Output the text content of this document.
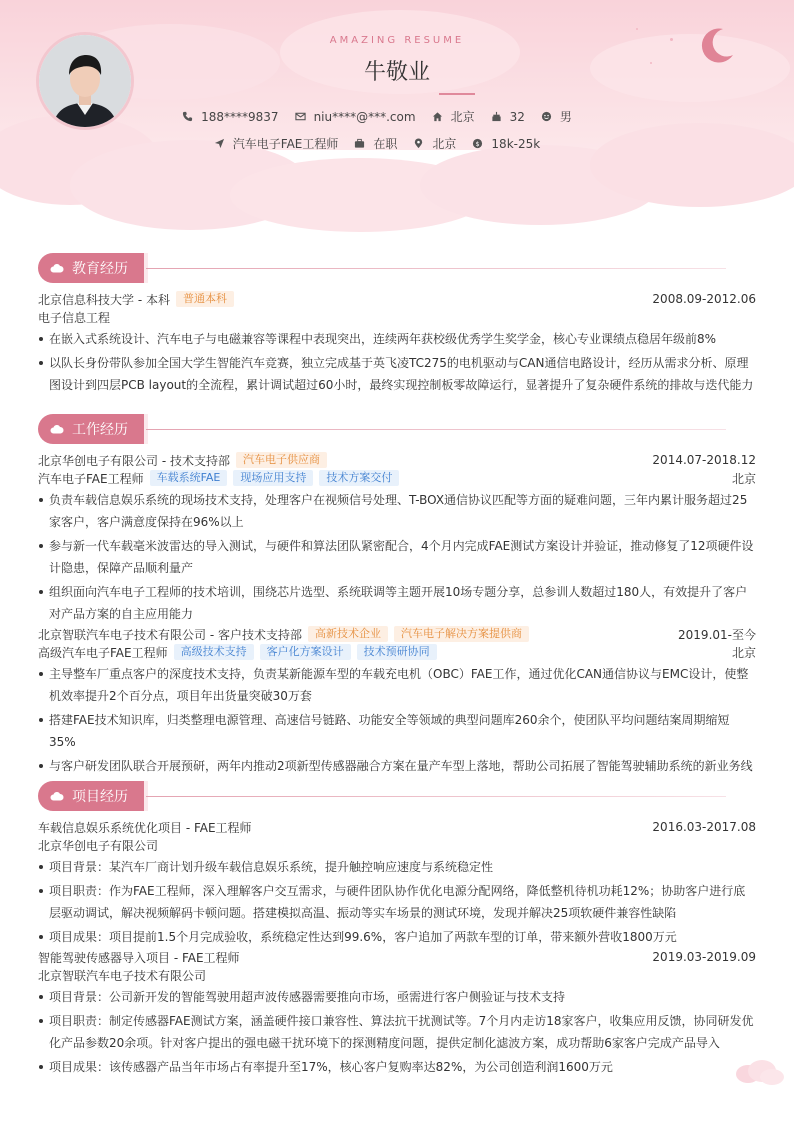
AMAZING RESUME
牛敬业
188****9837	niu****@***.com	北京	32	男
汽车电子FAE工程师	在职	北京	$ 18k-25k
教育经历
北京信息科技大学 - 本科	普通本科	2008.09-2012.06
电子信息工程
在嵌入式系统设计、汽车电子与电磁兼容等课程中表现突出，连续两年获校级优秀学生奖学金，核心专业课绩点稳居年级前8%
以队长身份带队参加全国大学生智能汽车竞赛，独立完成基于英飞凌TC275的电机驱动与CAN通信电路设计，经历从需求分析、原理图设计到四层PCB layout的全流程，累计调试超过60小时，最终实现控制板零故障运行，显著提升了复杂硬件系统的排故与迭代能力
工作经历
北京华创电子有限公司 - 技术支持部	汽车电子供应商	2014.07-2018.12
汽车电子FAE工程师	车载系统FAE	现场应用支持	技术方案交付	北京
负责车载信息娱乐系统的现场技术支持，处理客户在视频信号处理、T-BOX通信协议匹配等方面的疑难问题，三年内累计服务超过25家客户，客户满意度保持在96%以上
参与新一代车载毫米波雷达的导入测试，与硬件和算法团队紧密配合，4个月内完成FAE测试方案设计并验证，推动修复了12项硬件设计隐患，保障产品顺利量产
组织面向汽车电子工程师的技术培训，围绕芯片选型、系统联调等主题开展10场专题分享，总参训人数超过180人，有效提升了客户对产品方案的自主应用能力
北京智联汽车电子技术有限公司 - 客户技术支持部	高新技术企业	汽车电子解决方案提供商	2019.01-至今
高级汽车电子FAE工程师	高级技术支持	客户化方案设计	技术预研协同	北京
主导整车厂重点客户的深度技术支持，负责某新能源车型的车载充电机（OBC）FAE工作，通过优化CAN通信协议与EMC设计，使整机效率提升2个百分点，项目年出货量突破30万套
搭建FAE技术知识库，归类整理电源管理、高速信号链路、功能安全等领域的典型问题库260余个，使团队平均问题结案周期缩短35%
与客户研发团队联合开展预研，两年内推动2项新型传感器融合方案在量产车型上落地，帮助公司拓展了智能驾驶辅助系统的新业务线
项目经历
车载信息娱乐系统优化项目 - FAE工程师	2016.03-2017.08
北京华创电子有限公司
项目背景：某汽车厂商计划升级车载信息娱乐系统，提升触控响应速度与系统稳定性
项目职责：作为FAE工程师，深入理解客户交互需求，与硬件团队协作优化电源分配网络，降低整机待机功耗12%；协助客户进行底层驱动调试，解决视频解码卡顿问题。搭建模拟高温、振动等实车场景的测试环境，发现并解决25项软硬件兼容性缺陷
项目成果：项目提前1.5个月完成验收，系统稳定性达到99.6%，客户追加了两款车型的订单，带来额外营收1800万元
智能驾驶传感器导入项目 - FAE工程师	2019.03-2019.09
北京智联汽车电子技术有限公司
项目背景：公司新开发的智能驾驶用超声波传感器需要推向市场，亟需进行客户侧验证与技术支持
项目职责：制定传感器FAE测试方案，涵盖硬件接口兼容性、算法抗干扰测试等。7个月内走访18家客户，收集应用反馈，协同研发优化产品参数20余项。针对客户提出的强电磁干扰环境下的探测精度问题，提供定制化滤波方案，成功帮助6家客户完成产品导入
项目成果：该传感器产品当年市场占有率提升至17%，核心客户复购率达82%，为公司创造利润1600万元
